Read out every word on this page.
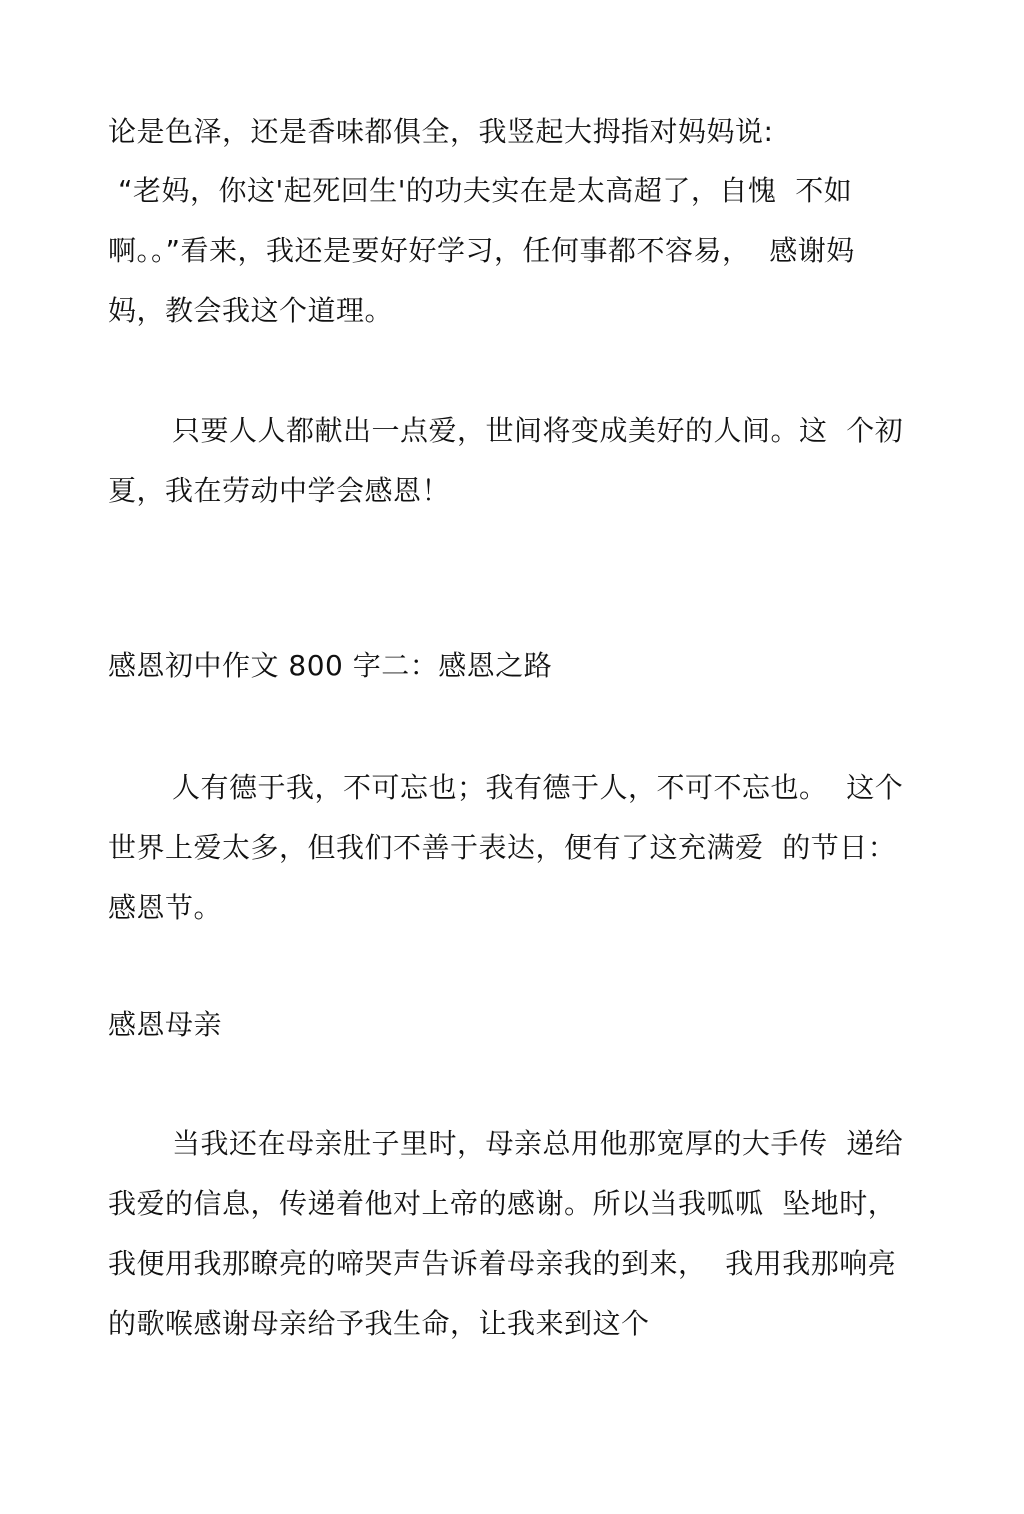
论是色泽，还是香味都俱全，我竖起大拇指对妈妈说:
“老妈，你这'起死回生'的功夫实在是太高超了，自愧  不如
啊。。”看来，我还是要好好学习，任何事都不容易，  感谢妈
妈，教会我这个道理。
只要人人都献出一点爱，世间将变成美好的人间。这  个初
夏，我在劳动中学会感恩！
感恩初中作文 800 字二：感恩之路
人有德于我，不可忘也；我有德于人，不可不忘也。  这个
世界上爱太多，但我们不善于表达，便有了这充满爱  的节日：
感恩节。
感恩母亲
当我还在母亲肚子里时，母亲总用他那宽厚的大手传  递给
我爱的信息，传递着他对上帝的感谢。所以当我呱呱  坠地时，
我便用我那瞭亮的啼哭声告诉着母亲我的到来，  我用我那响亮
的歌喉感谢母亲给予我生命，让我来到这个
